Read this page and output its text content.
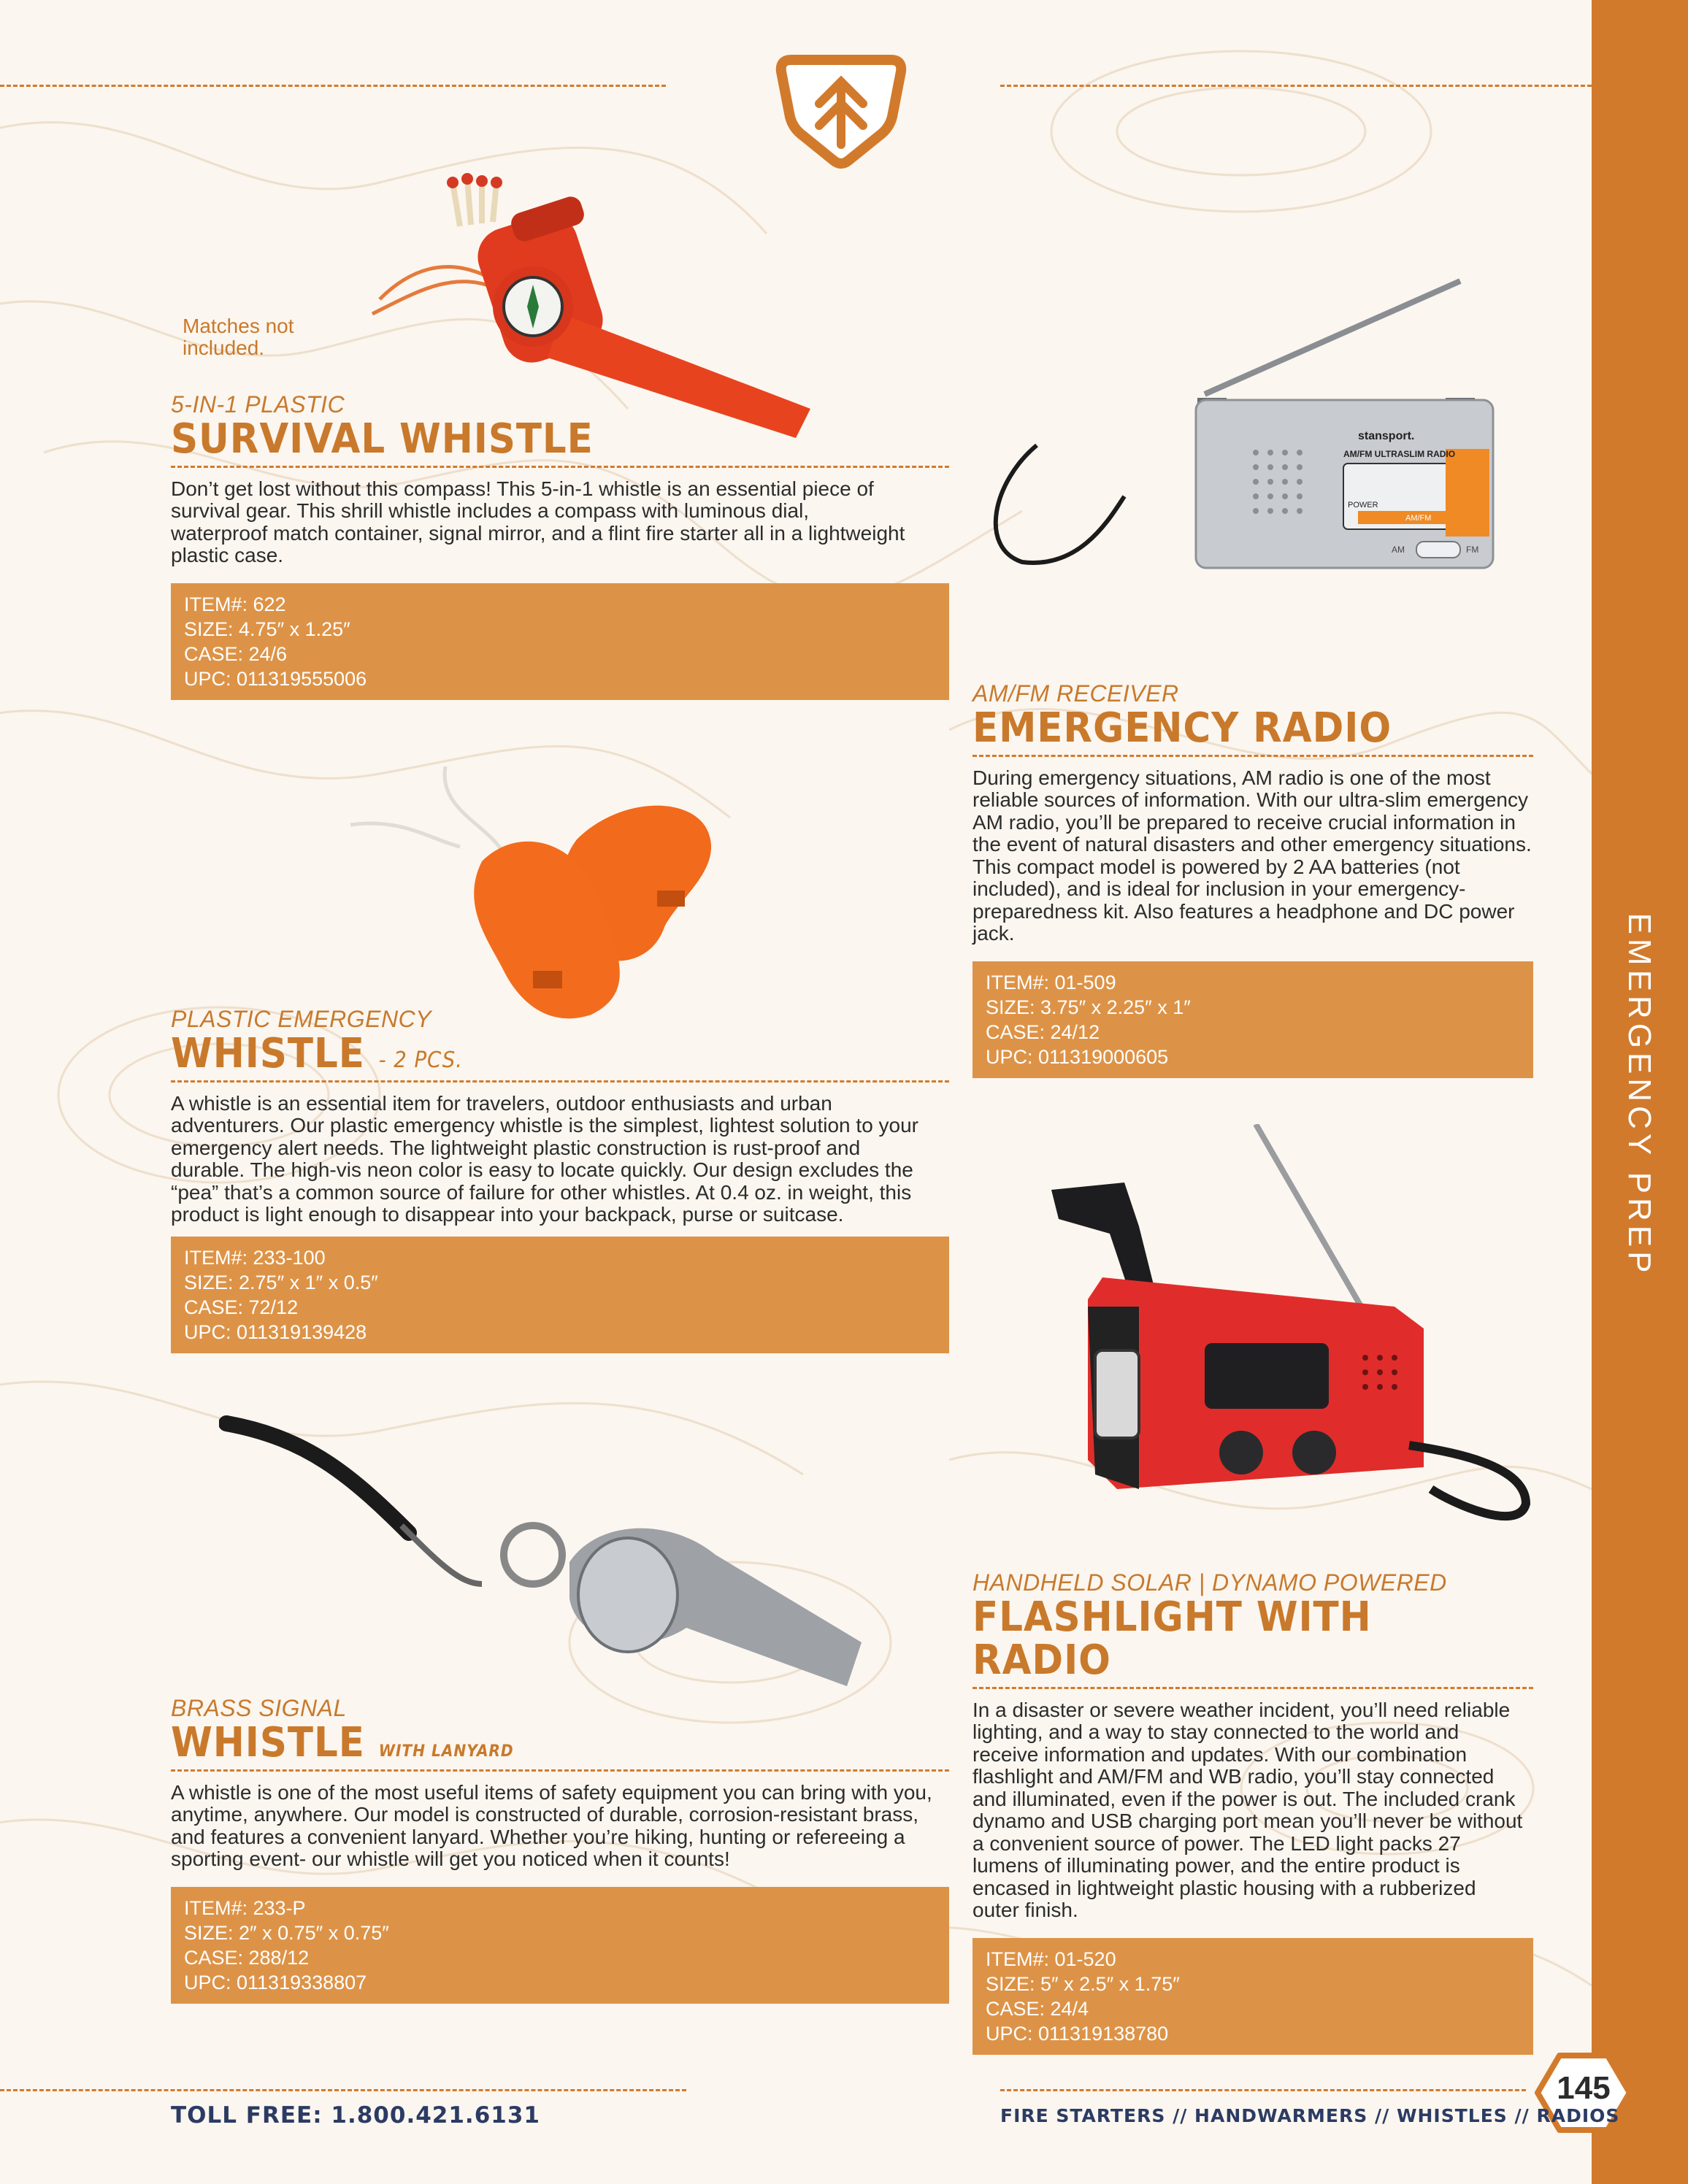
EMERGENCY PREP
145
Matches not included.
5-IN-1 PLASTIC
SURVIVAL WHISTLE
Don’t get lost without this compass! This 5-in-1 whistle is an essential piece of survival gear. This shrill whistle includes a compass with luminous dial, waterproof match container, signal mirror, and a flint fire starter all in a lightweight plastic case.
ITEM#: 622
SIZE: 4.75″ x 1.25″
CASE: 24/6
UPC: 011319555006
PLASTIC EMERGENCY
WHISTLE - 2 PCS.
A whistle is an essential item for travelers, outdoor enthusiasts and urban adventurers. Our plastic emergency whistle is the simplest, lightest solution to your emergency alert needs. The lightweight plastic construction is rust-proof and durable. The high-vis neon color is easy to locate quickly. Our design excludes the “pea” that’s a common source of failure for other whistles. At 0.4 oz. in weight, this product is light enough to disappear into your backpack, purse or suitcase.
ITEM#: 233-100
SIZE: 2.75″ x 1″ x 0.5″
CASE: 72/12
UPC: 011319139428
BRASS SIGNAL
WHISTLE WITH LANYARD
A whistle is one of the most useful items of safety equipment you can bring with you, anytime, anywhere. Our model is constructed of durable, corrosion-resistant brass, and features a convenient lanyard. Whether you’re hiking, hunting or refereeing a sporting event- our whistle will get you noticed when it counts!
ITEM#: 233-P
SIZE: 2″ x 0.75″ x 0.75″
CASE: 288/12
UPC: 011319338807
stansport.
AM/FM ULTRASLIM RADIO
POWER
AM/FM
AM	FM
AM/FM RECEIVER
EMERGENCY RADIO
During emergency situations, AM radio is one of the most reliable sources of information. With our ultra-slim emergency AM radio, you’ll be prepared to receive crucial information in the event of natural disasters and other emergency situations. This compact model is powered by 2 AA batteries (not included), and is ideal for inclusion in your emergency-preparedness kit. Also features a headphone and DC power jack.
ITEM#: 01-509
SIZE: 3.75″ x 2.25″ x 1″
CASE: 24/12
UPC: 011319000605
HANDHELD SOLAR | DYNAMO POWERED
FLASHLIGHT WITH RADIO
In a disaster or severe weather incident, you’ll need reliable lighting, and a way to stay connected to the world and receive information and updates. With our combination flashlight and AM/FM and WB radio, you’ll stay connected and illuminated, even if the power is out. The included crank dynamo and USB charging port mean you’ll never be without a convenient source of power. The LED light packs 27 lumens of illuminating power, and the entire product is encased in lightweight plastic housing with a rubberized outer finish.
ITEM#: 01-520
SIZE: 5″ x 2.5″ x 1.75″
CASE: 24/4
UPC: 011319138780
TOLL FREE: 1.800.421.6131	FIRE STARTERS // HANDWARMERS // WHISTLES // RADIOS
